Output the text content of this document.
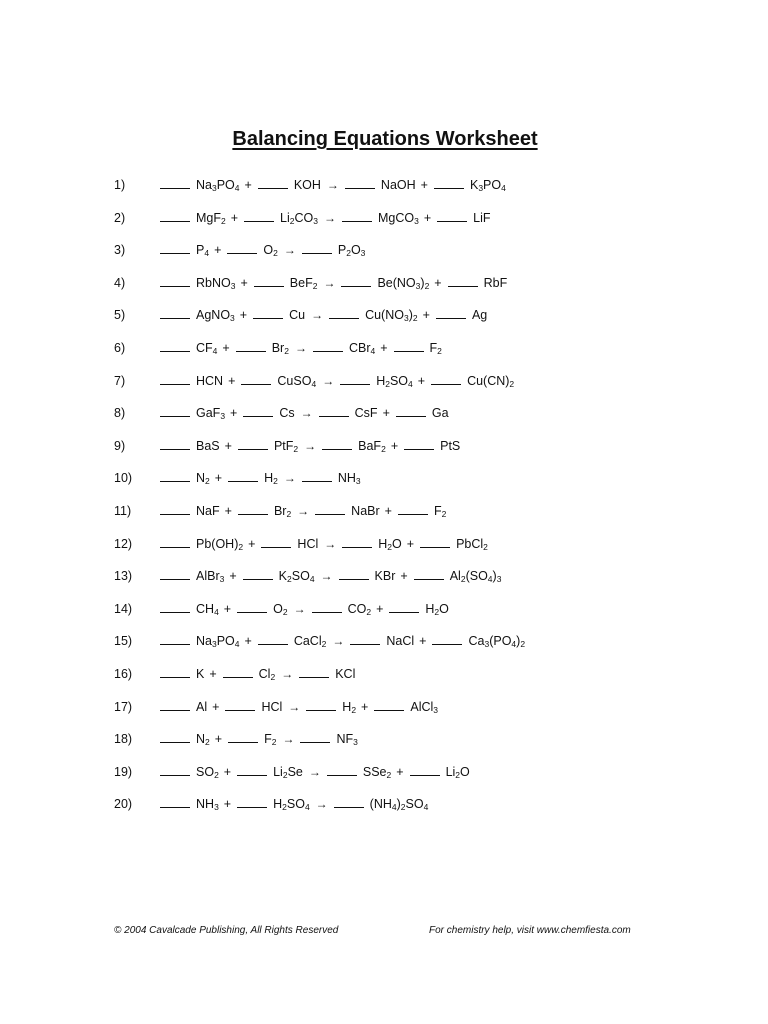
Balancing Equations Worksheet
1)	$Na_3PO_4$ +	KOH →	NaOH +	$K_3PO_4$
2)	MgF$_2$ +	$Li_2CO_3$ →	MgCO$_3$ +	LiF
3)	$P_4$ +	$O_2$ →	$P_2O_3$
4)	RbNO$_3$ +	BeF$_2$ →	$Be(NO_3)_2$ +	RbF
5)	AgNO$_3$ +	Cu →	$Cu(NO_3)_2$ +	Ag
6)	$CF_4$ +	$Br_2$ →	CBr$_4$ +	$F_2$
7)	HCN +	CuSO$_4$ →	$H_2SO_4$ +	$Cu(CN)_2$
8)	GaF$_3$ +	Cs →	CsF +	Ga
9)	BaS +	PtF$_2$ →	BaF$_2$ +	PtS
10)	$N_2$ +	$H_2$ →	$NH_3$
11)	NaF +	$Br_2$ →	NaBr +	$F_2$
12)	$Pb(OH)_2$ +	HCl →	$H_2O$ +	PbCl$_2$
13)	AlBr$_3$ +	$K_2SO_4$ →	KBr +	$Al_2(SO_4)_3$
14)	$CH_4$ +	$O_2$ →	$CO_2$ +	$H_2O$
15)	$Na_3PO_4$ +	CaCl$_2$ →	NaCl +	$Ca_3(PO_4)_2$
16)	K +	$Cl_2$ →	KCl
17)	Al +	HCl →	$H_2$ +	AlCl$_3$
18)	$N_2$ +	$F_2$ →	$NF_3$
19)	$SO_2$ +	$Li_2Se$ →	SSe$_2$ +	$Li_2O$
20)	$NH_3$ +	$H_2SO_4$ →	$(NH_4)_2SO_4$
© 2004 Cavalcade Publishing, All Rights Reserved	For chemistry help, visit www.chemfiesta.com
